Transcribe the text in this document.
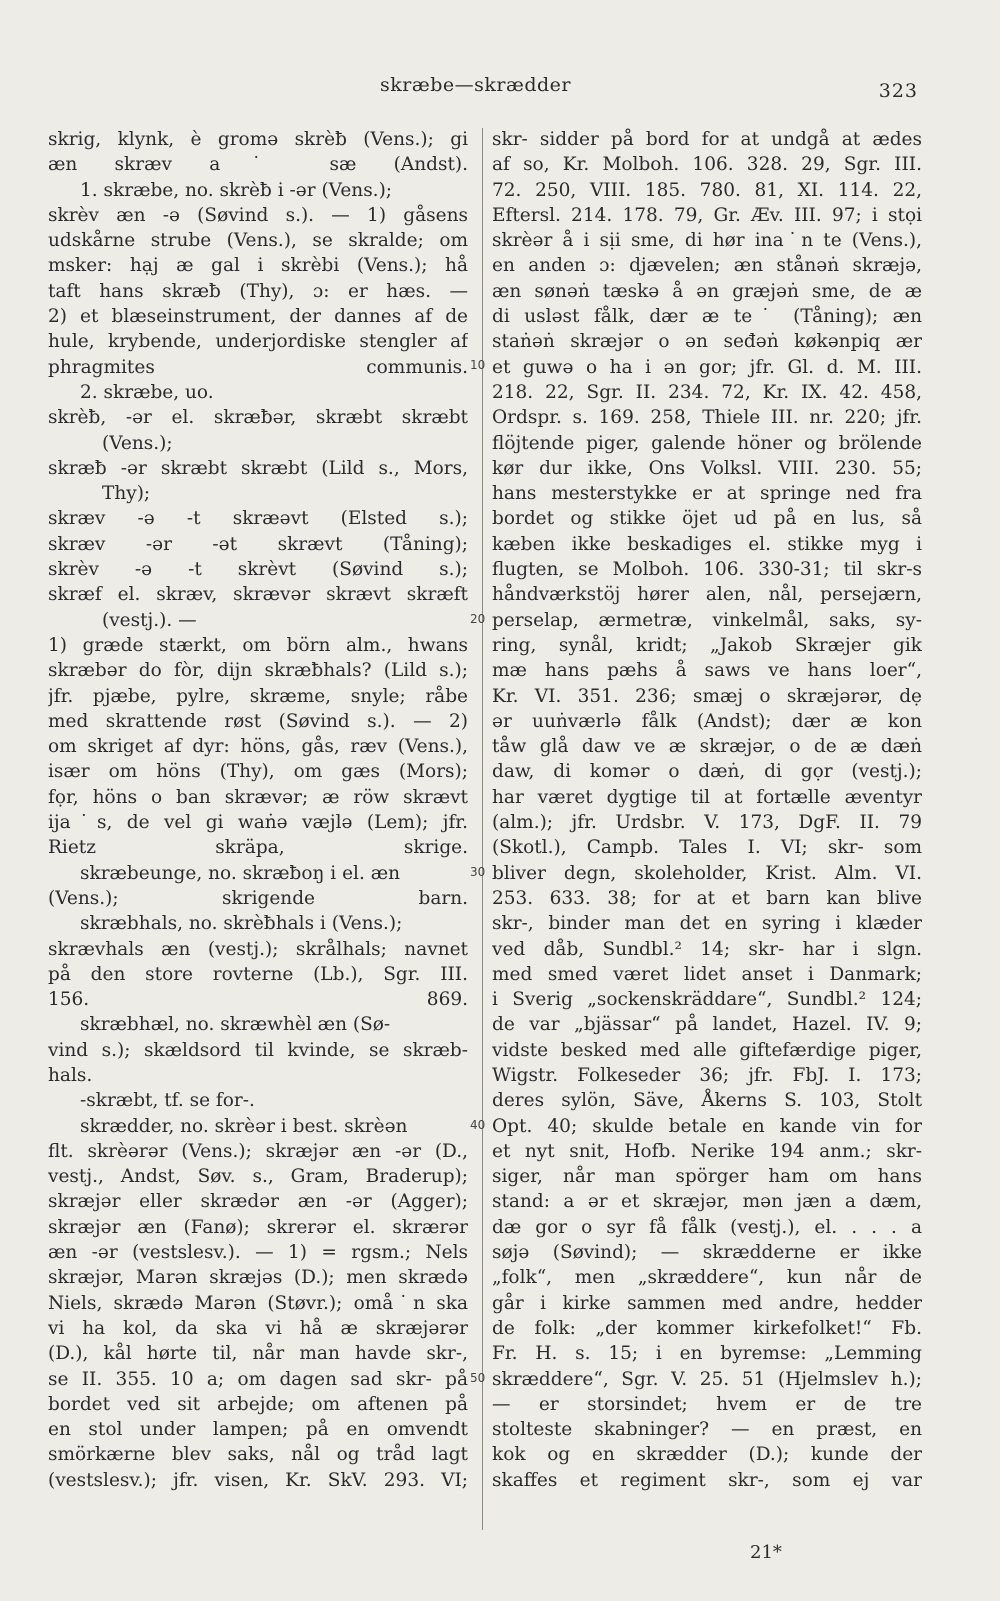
skræbe—skrædder	323
skrig, klynk, è gromə skrèƀ (Vens.); gi
æn skræv a˙ sæ (Andst).
1. skræbe, no. skrèƀ i -ər (Vens.);
skrèv æn -ə (Søvind s.). — 1) gåsens
udskårne strube (Vens.), se skralde; om
msker: hạj æ gal i skrèbi (Vens.); hå
taft hans skræƀ (Thy), ɔ: er hæs. —
2) et blæseinstrument, der dannes af de
hule, krybende, underjordiske stengler af
phragmites communis.
2. skræbe, uo.
skrèƀ, -ər el. skræƀər, skræbt skræbt
(Vens.);
skræƀ -ər skræbt skræbt (Lild s., Mors,
Thy);
skræv -ə -t skræəvt (Elsted s.);
skræv -ər -ət skrævt (Tåning);
skrèv -ə -t skrèvt (Søvind s.);
skræf el. skræv, skrævər skrævt skræft
(vestj.). —
1) græde stærkt, om börn alm., hwans
skræbər do fòr, dijn skræƀhals? (Lild s.);
jfr. pjæbe, pylre, skræme, snyle; råbe
med skrattende røst (Søvind s.). — 2)
om skriget af dyr: höns, gås, ræv (Vens.),
især om höns (Thy), om gæs (Mors);
fọr, höns o ban skrævər; æ röw skrævt
ija˙s, de vel gi waṅə væjlə (Lem); jfr.
Rietz skräpa, skrige.
skræbeunge, no. skræƀoŋ i el. æn
(Vens.); skrigende barn.
skræbhals, no. skrèƀhals i (Vens.);
skrævhals æn (vestj.); skrålhals; navnet
på den store rovterne (Lb.), Sgr. III.
156. 869.
skræbhæl, no. skræwhèl æn (Sø-
vind s.); skældsord til kvinde, se skræb-
hals.
-skræbt, tf. se for-.
skrædder, no. skrèər i best. skrèən
flt. skrèərər (Vens.); skræjər æn -ər (D.,
vestj., Andst, Søv. s., Gram, Braderup);
skræjər eller skrædər æn -ər (Agger);
skræjər æn (Fanø); skrerər el. skrærər
æn -ər (vestslesv.). — 1) = rgsm.; Nels
skræjər, Marən skræjəs (D.); men skrædə
Niels, skrædə Marən (Støvr.); omå˙n ska
vi ha kol, da ska vi hå æ skræjərər
(D.), kål hørte til, når man havde skr-,
se II. 355. 10 a; om dagen sad skr- på
bordet ved sit arbejde; om aftenen på
en stol under lampen; på en omvendt
smörkærne blev saks, nål og tråd lagt
(vestslesv.); jfr. visen, Kr. SkV. 293. VI;
skr- sidder på bord for at undgå at ædes
af so, Kr. Molboh. 106. 328. 29, Sgr. III.
72. 250, VIII. 185. 780. 81, XI. 114. 22,
Eftersl. 214. 178. 79, Gr. Æv. III. 97; i stọi
skrèər å i sịi sme, di hør ina˙n te (Vens.),
en anden ɔ: djævelen; æn stånəṅ skræjə,
æn sønəṅ tæskə å ən græjəṅ sme, de æ
di usləst fålk, dær æ te˙ (Tåning); æn
staṅəṅ skræjər o ən seđəṅ køkənpiq ær
et guwə o ha i ən gor; jfr. Gl. d. M. III.
218. 22, Sgr. II. 234. 72, Kr. IX. 42. 458,
Ordspr. s. 169. 258, Thiele III. nr. 220; jfr.
flöjtende piger, galende höner og brölende
kør dur ikke, Ons Volksl. VIII. 230. 55;
hans mesterstykke er at springe ned fra
bordet og stikke öjet ud på en lus, så
kæben ikke beskadiges el. stikke myg i
flugten, se Molboh. 106. 330-31; til skr-s
håndværkstöj hører alen, nål, persejærn,
perselap, ærmetræ, vinkelmål, saks, sy-
ring, synål, kridt; „Jakob Skræjer gik
mæ hans pæhs å saws ve hans loer“,
Kr. VI. 351. 236; smæj o skræjərər, dẹ
ər uuṅværlə fålk (Andst); dær æ kon
tåw glå daw ve æ skræjər, o de æ dæṅ
daw, di komər o dæṅ, di gọr (vestj.);
har været dygtige til at fortælle æventyr
(alm.); jfr. Urdsbr. V. 173, DgF. II. 79
(Skotl.), Campb. Tales I. VI; skr- som
bliver degn, skoleholder, Krist. Alm. VI.
253. 633. 38; for at et barn kan blive
skr-, binder man det en syring i klæder
ved dåb, Sundbl.² 14; skr- har i slgn.
med smed været lidet anset i Danmark;
i Sverig „sockenskräddare“, Sundbl.² 124;
de var „bjässar“ på landet, Hazel. IV. 9;
vidste besked med alle giftefærdige piger,
Wigstr. Folkeseder 36; jfr. FbJ. I. 173;
deres sylön, Säve, Åkerns S. 103, Stolt
Opt. 40; skulde betale en kande vin for
et nyt snit, Hofb. Nerike 194 anm.; skr-
siger, når man spörger ham om hans
stand: a ər et skræjər, mən jæn a dæm,
dæ gor o syr få fålk (vestj.), el. . . . a
søjə (Søvind); — skrædderne er ikke
„folk“, men „skræddere“, kun når de
går i kirke sammen med andre, hedder
de folk: „der kommer kirkefolket!“ Fb.
Fr. H. s. 15; i en byremse: „Lemming
skræddere“, Sgr. V. 25. 51 (Hjelmslev h.);
— er storsindet; hvem er de tre
stolteste skabninger? — en præst, en
kok og en skrædder (D.); kunde der
skaffes et regiment skr-, som ej var
10
20
30
40
50
21*
